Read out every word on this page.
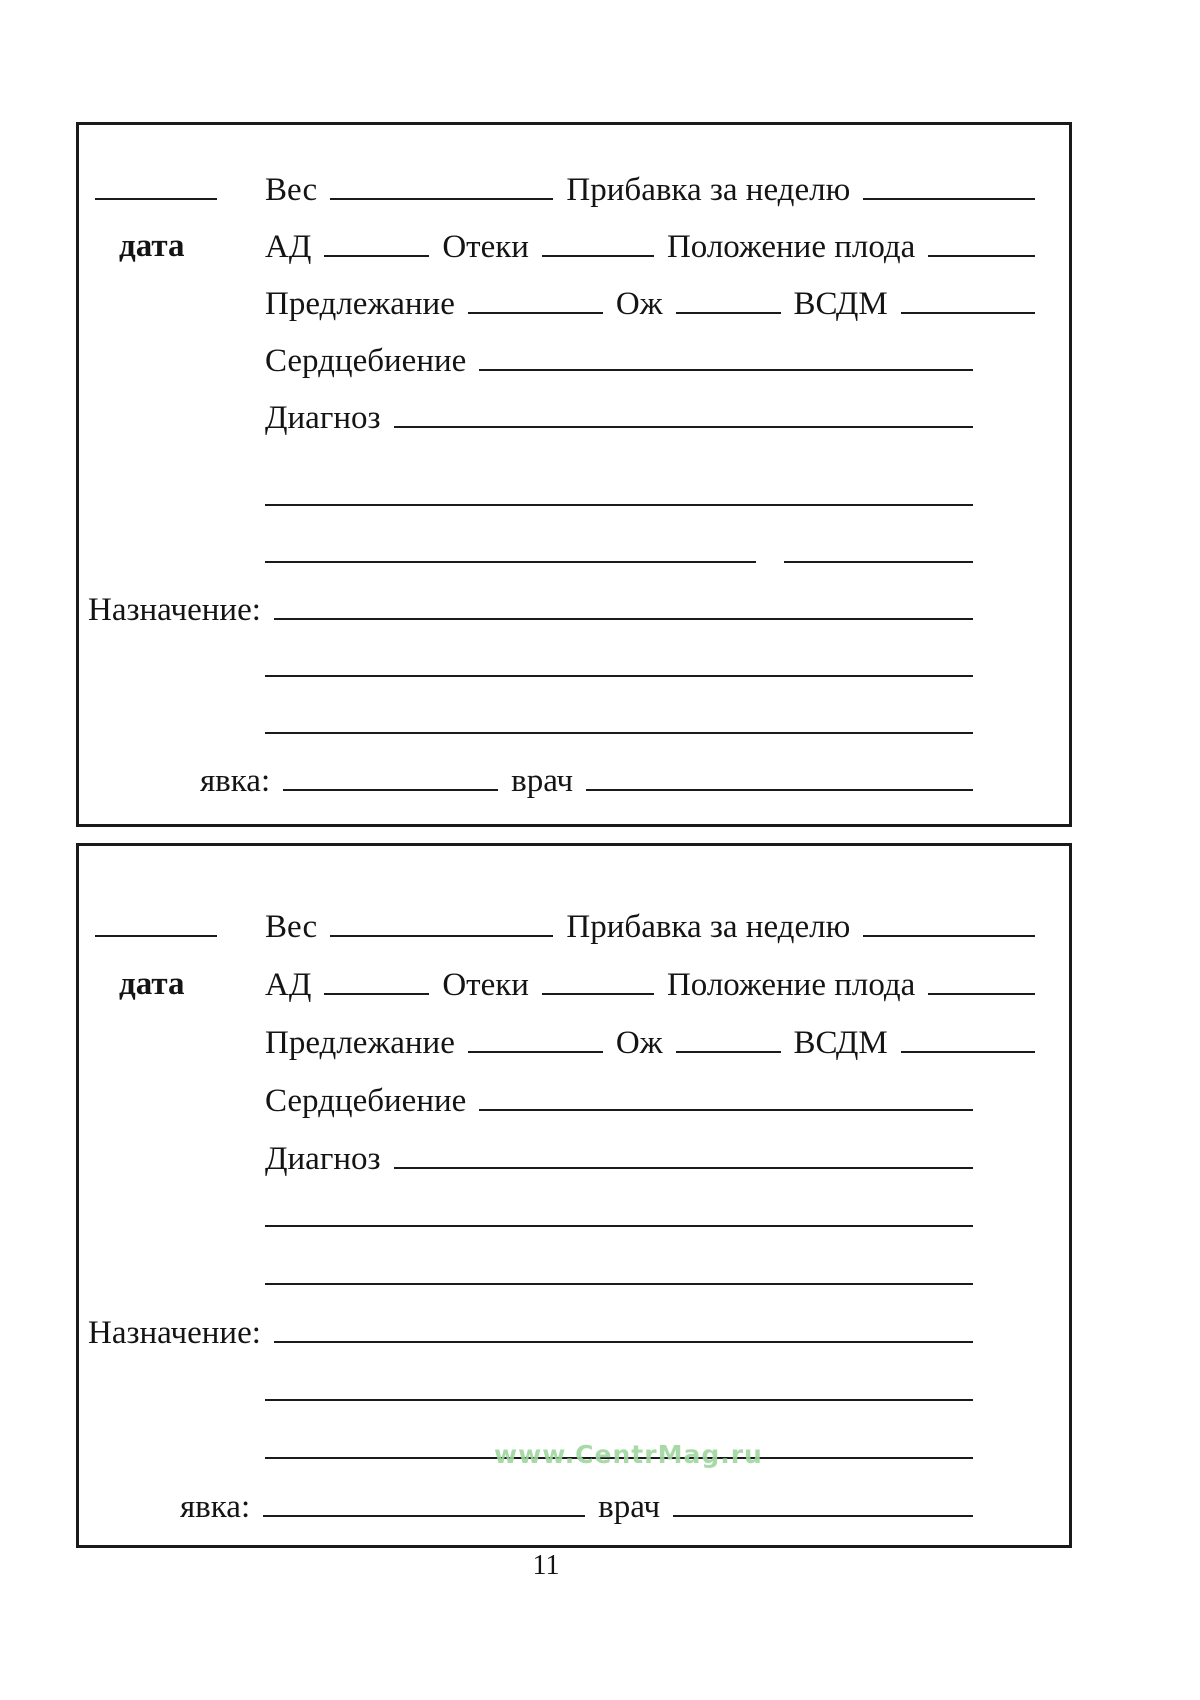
Вес	Прибавка за неделю
дата АД	Отеки	Положение плода
Предлежание	Ож	ВСДМ
Сердцебиение
Диагноз
Назначение:
явка:	врач
Вес	Прибавка за неделю
дата АД	Отеки	Положение плода
Предлежание	Ож	ВСДМ
Сердцебиение
Диагноз
Назначение:
явка:	врач
www.CentrMag.ru
11
